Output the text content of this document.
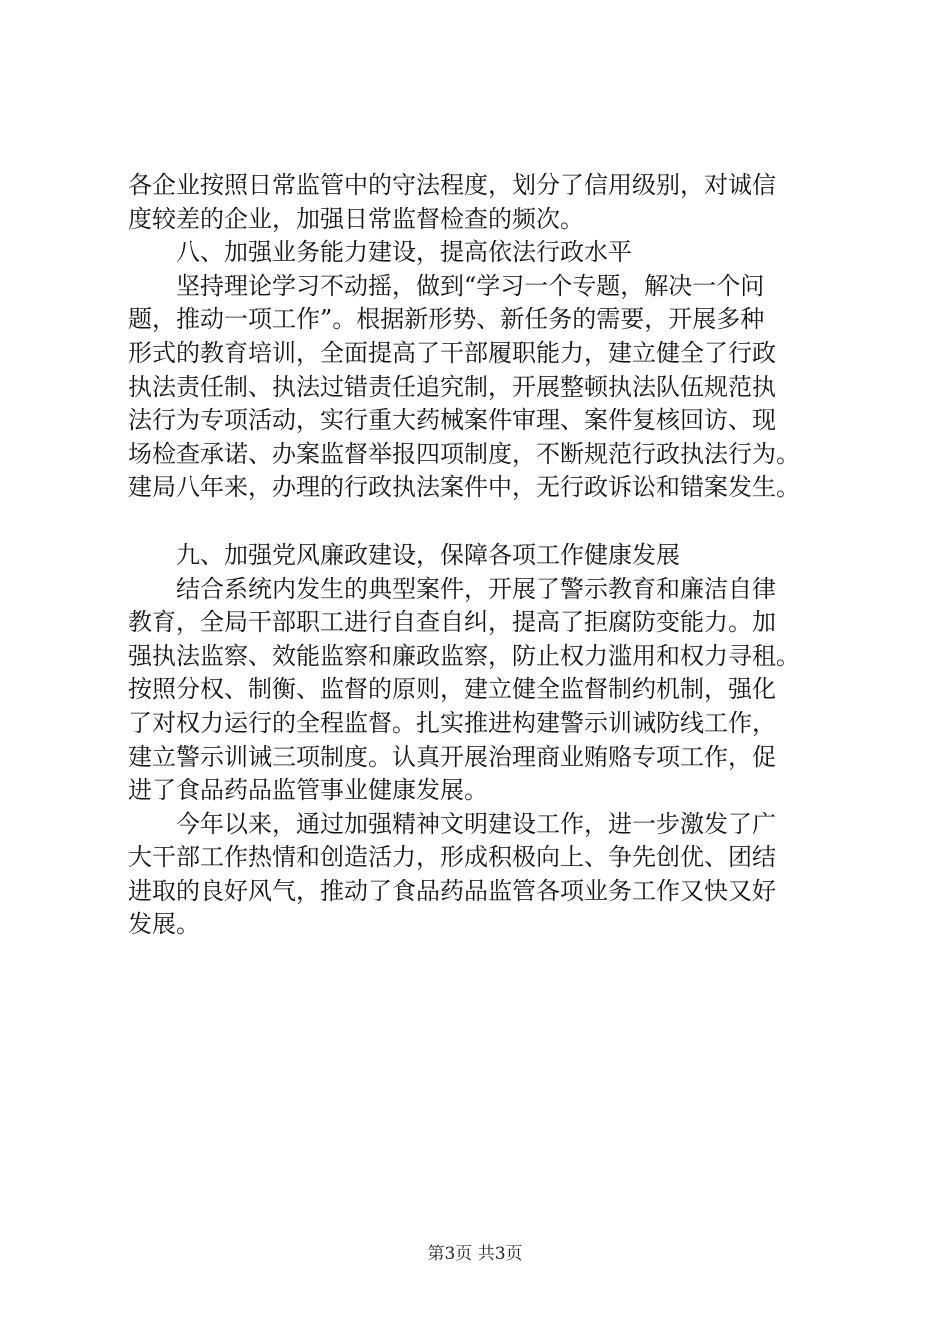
各企业按照日常监管中的守法程度，划分了信用级别，对诚信
度较差的企业，加强日常监督检查的频次。
八、加强业务能力建设，提高依法行政水平
坚持理论学习不动摇，做到“学习一个专题，解决一个问
题，推动一项工作”。根据新形势、新任务的需要，开展多种
形式的教育培训，全面提高了干部履职能力，建立健全了行政
执法责任制、执法过错责任追究制，开展整顿执法队伍规范执
法行为专项活动，实行重大药械案件审理、案件复核回访、现
场检查承诺、办案监督举报四项制度，不断规范行政执法行为。
建局八年来，办理的行政执法案件中，无行政诉讼和错案发生。
九、加强党风廉政建设，保障各项工作健康发展
结合系统内发生的典型案件，开展了警示教育和廉洁自律
教育，全局干部职工进行自查自纠，提高了拒腐防变能力。加
强执法监察、效能监察和廉政监察，防止权力滥用和权力寻租。
按照分权、制衡、监督的原则，建立健全监督制约机制，强化
了对权力运行的全程监督。扎实推进构建警示训诫防线工作，
建立警示训诫三项制度。认真开展治理商业贿赂专项工作，促
进了食品药品监管事业健康发展。
今年以来，通过加强精神文明建设工作，进一步激发了广
大干部工作热情和创造活力，形成积极向上、争先创优、团结
进取的良好风气，推动了食品药品监管各项业务工作又快又好
发展。
第3页 共3页
